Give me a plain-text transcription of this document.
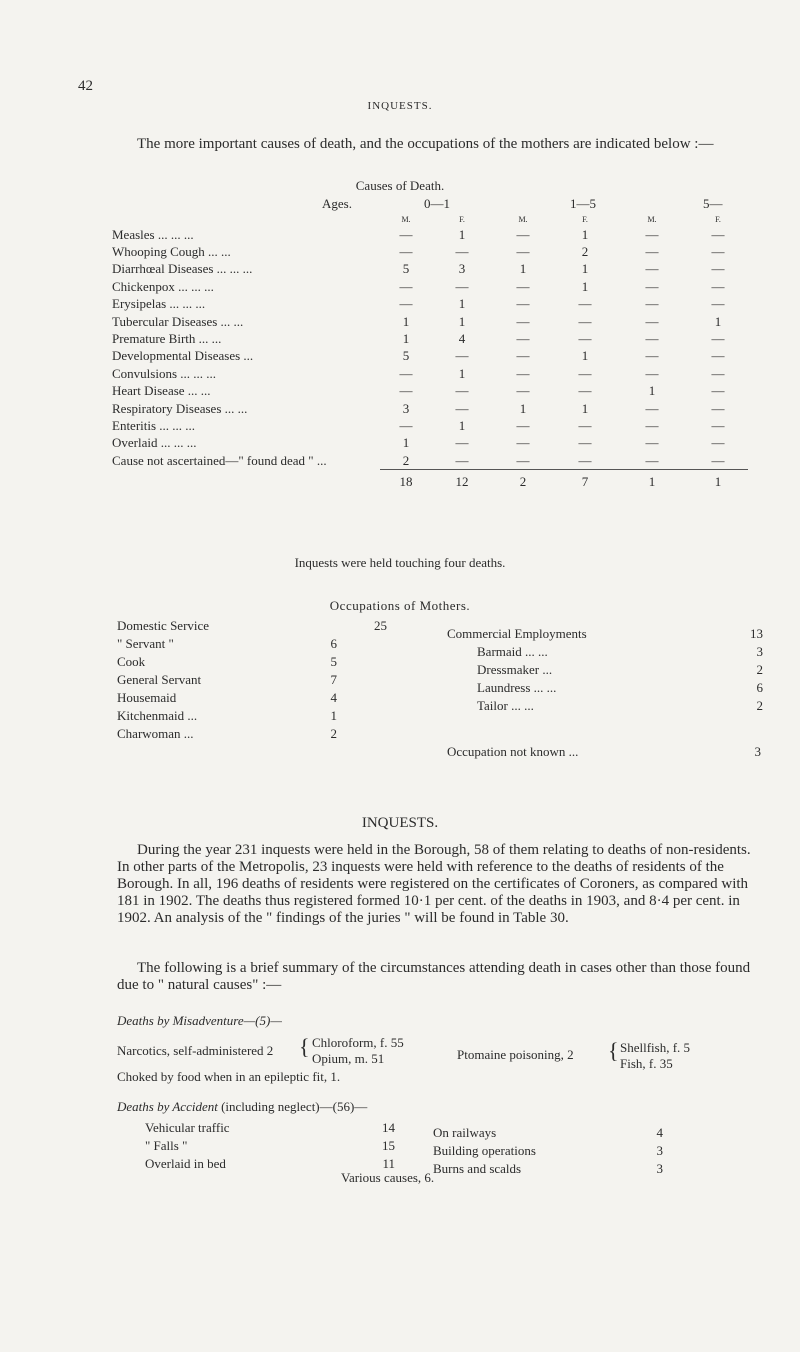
42
INQUESTS.

The more important causes of death, and the occupations of the mothers are indicated below :—

Causes of Death.
Ages.	0—1	1—5	5—
	M.	F.	M.	F.	M.	F.
Measles ... ... ...	—	1	—	1	—	—
Whooping Cough ... ...	—	—	—	2	—	—
Diarrhœal Diseases ... ... ...	5	3	1	1	—	—
Chickenpox ... ... ...	—	—	—	1	—	—
Erysipelas ... ... ...	—	1	—	—	—	—
Tubercular Diseases ... ...	1	1	—	—	—	1
Premature Birth ... ...	1	4	—	—	—	—
Developmental Diseases ...	5	—	—	1	—	—
Convulsions ... ... ...	—	1	—	—	—	—
Heart Disease ... ...	—	—	—	—	1	—
Respiratory Diseases ... ...	3	—	1	1	—	—
Enteritis ... ... ...	—	1	—	—	—	—
Overlaid ... ... ...	1	—	—	—	—	—
Cause not ascertained—" found dead " ...	2	—	—	—	—	—
	18	12	2	7	1	1
Inquests were held touching four deaths.
Occupations of Mothers.
Domestic Service	25
" Servant "	6
Cook	5
General Servant	7
Housemaid	4
Kitchenmaid ...	1
Charwoman ...	2
Commercial Employments	13
Barmaid ... ...	3
Dressmaker ...	2
Laundress ... ...	6
Tailor ... ...	2
Occupation not known ...	3
INQUESTS.

During the year 231 inquests were held in the Borough, 58 of them relating to deaths of non-residents. In other parts of the Metropolis, 23 inquests were held with reference to the deaths of residents of the Borough. In all, 196 deaths of residents were registered on the certificates of Coroners, as compared with 181 in 1902. The deaths thus registered formed 10·1 per cent. of the deaths in 1903, and 8·4 per cent. in 1902. An analysis of the " findings of the juries " will be found in Table 30.

The following is a brief summary of the circumstances attending death in cases other than those found due to " natural causes" :—

Deaths by Misadventure—(5)—
Narcotics, self-administered 2 { Chloroform, f. 55
Opium, m. 51	Ptomaine poisoning, 2 { Shellfish, f. 5
Fish, f. 35
Choked by food when in an epileptic fit, 1.
Deaths by Accident (including neglect)—(56)—
Vehicular traffic	14
" Falls "	15
Overlaid in bed	11
On railways	4
Building operations	3
Burns and scalds	3
Various causes, 6.
